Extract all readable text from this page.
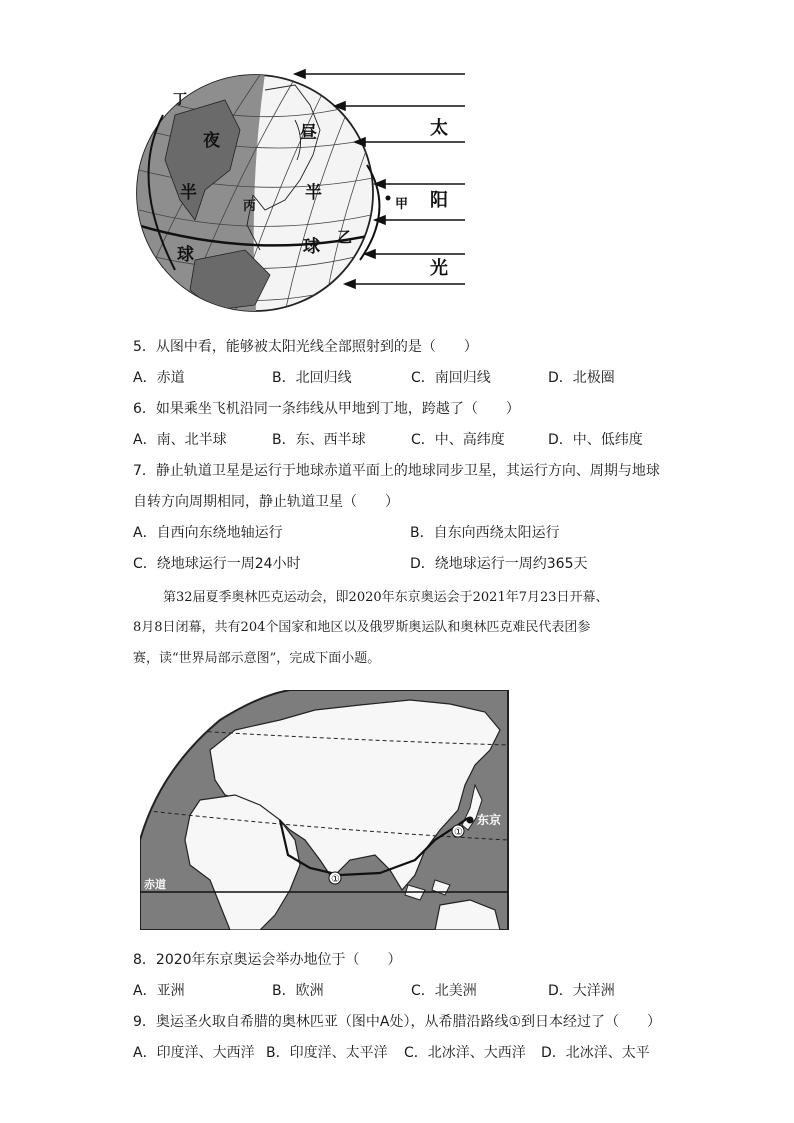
太
阳
光
夜
半
球
昼
半
球
丁
丙
乙
甲
5．从图中看，能够被太阳光线全部照射到的是（　　）
A．赤道	B．北回归线	C．南回归线	D．北极圈
6．如果乘坐飞机沿同一条纬线从甲地到丁地，跨越了（　　）
A．南、北半球	B．东、西半球	C．中、高纬度	D．中、低纬度
7．静止轨道卫星是运行于地球赤道平面上的地球同步卫星，其运行方向、周期与地球
自转方向周期相同，静止轨道卫星（　　）
A．自西向东绕地轴运行	B．自东向西绕太阳运行
C．绕地球运行一周24小时	D．绕地球运行一周约365天
第32届夏季奥林匹克运动会，即2020年东京奥运会于2021年7月23日开幕、
8月8日闭幕，共有204个国家和地区以及俄罗斯奥运队和奥林匹克难民代表团参
赛，读“世界局部示意图”，完成下面小题。
赤道
东京
①
①
8．2020年东京奥运会举办地位于（　　）
A．亚洲	B．欧洲	C．北美洲	D．大洋洲
9．奥运圣火取自希腊的奥林匹亚（图中A处），从希腊沿路线①到日本经过了（　　）
A．印度洋、大西洋 B．印度洋、太平洋 C．北冰洋、大西洋 D．北冰洋、太平
